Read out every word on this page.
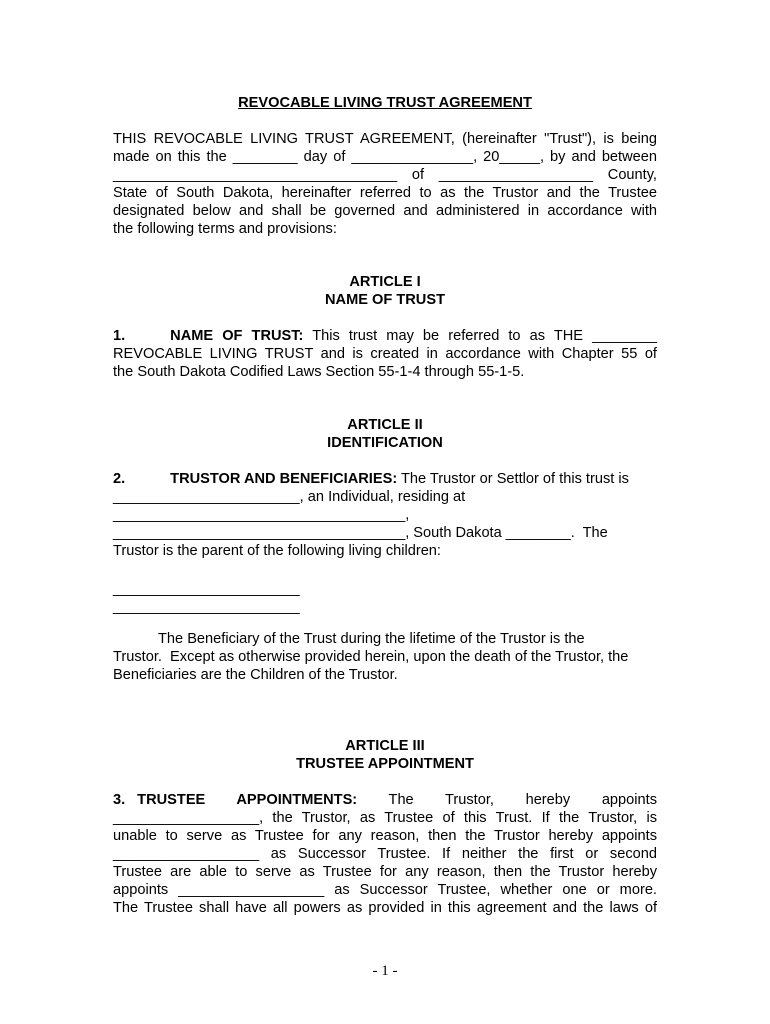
REVOCABLE LIVING TRUST AGREEMENT
THIS REVOCABLE LIVING TRUST AGREEMENT, (hereinafter "Trust"), is being
made on this the ________ day of _______________, 20_____, by and between
___________________________________ of ___________________ County,
State of South Dakota, hereinafter referred to as the Trustor and the Trustee
designated below and shall be governed and administered in accordance with
the following terms and provisions:
ARTICLE I
NAME OF TRUST
1.	NAME OF TRUST: This trust may be referred to as THE ________
REVOCABLE LIVING TRUST and is created in accordance with Chapter 55 of
the South Dakota Codified Laws Section 55-1-4 through 55-1-5.
ARTICLE II
IDENTIFICATION
2.	TRUSTOR AND BENEFICIARIES: The Trustor or Settlor of this trust is
_______________________, an Individual, residing at
____________________________________,
____________________________________, South Dakota ________.  The
Trustor is the parent of the following living children:
_______________________
_______________________
The Beneficiary of the Trust during the lifetime of the Trustor is the
Trustor.  Except as otherwise provided herein, upon the death of the Trustor, the
Beneficiaries are the Children of the Trustor.
ARTICLE III
TRUSTEE APPOINTMENT
3. TRUSTEE APPOINTMENTS: The Trustor, hereby appoints
__________________, the Trustor, as Trustee of this Trust. If the Trustor, is
unable to serve as Trustee for any reason, then the Trustor hereby appoints
__________________ as Successor Trustee. If neither the first or second
Trustee are able to serve as Trustee for any reason, then the Trustor hereby
appoints __________________ as Successor Trustee, whether one or more.
The Trustee shall have all powers as provided in this agreement and the laws of
- 1 -
